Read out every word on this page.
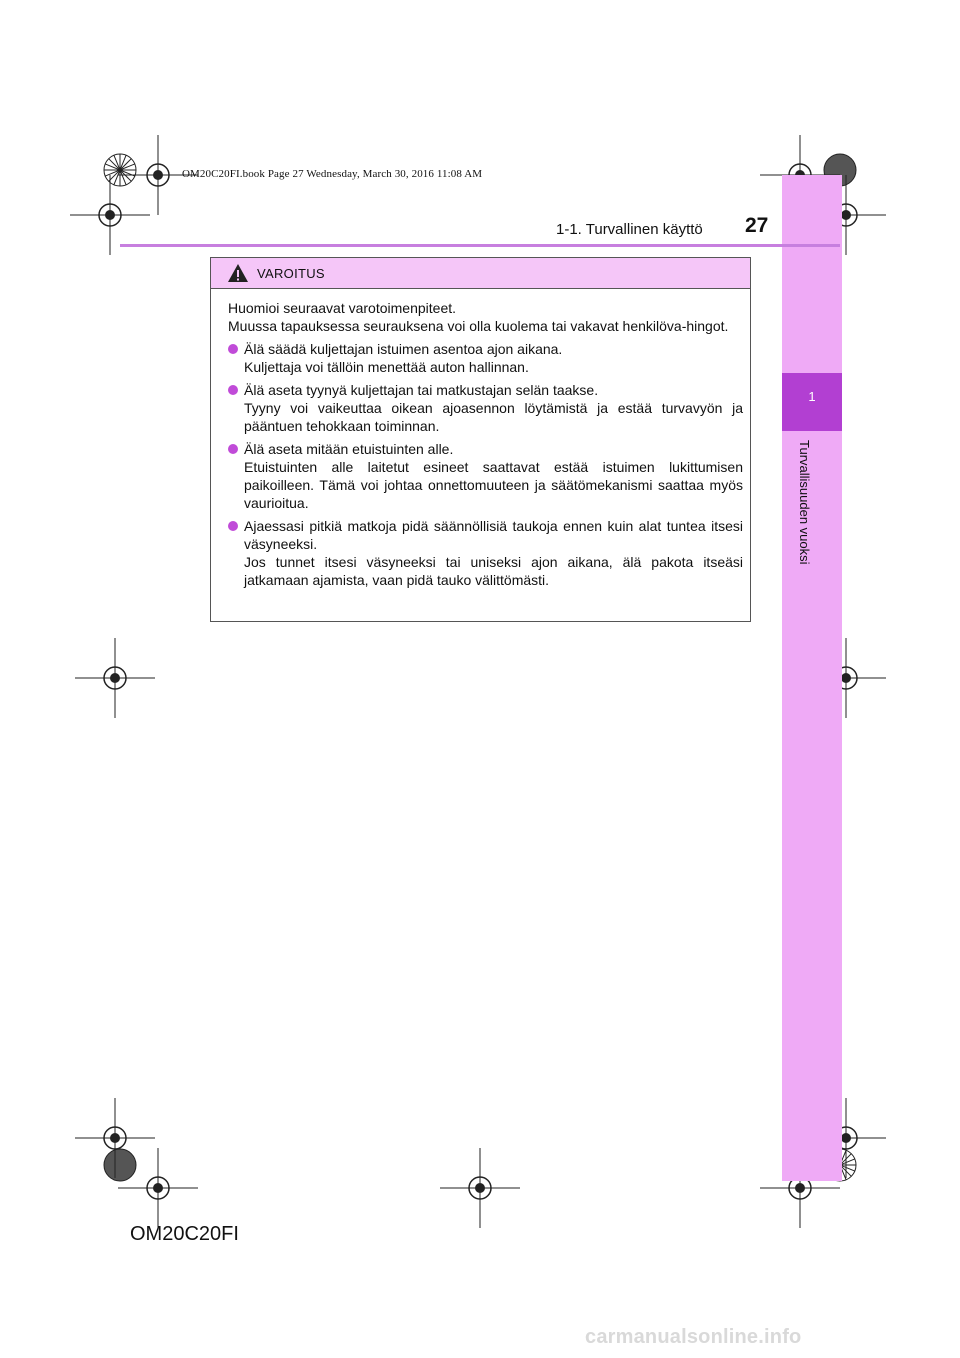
OM20C20FI.book Page 27 Wednesday, March 30, 2016 11:08 AM
1
Turvallisuuden vuoksi
1-1. Turvallinen käyttö 27
VAROITUS

Huomioi seuraavat varotoimenpiteet.

Muussa tapauksessa seurauksena voi olla kuolema tai vakavat henkilöva-hingot.

Älä säädä kuljettajan istuimen asentoa ajon aikana.
Kuljettaja voi tällöin menettää auton hallinnan.
Älä aseta tyynyä kuljettajan tai matkustajan selän taakse.
Tyyny voi vaikeuttaa oikean ajoasennon löytämistä ja estää turvavyön ja pääntuen tehokkaan toiminnan.
Älä aseta mitään etuistuinten alle.
Etuistuinten alle laitetut esineet saattavat estää istuimen lukittumisen paikoilleen. Tämä voi johtaa onnettomuuteen ja säätömekanismi saattaa myös vaurioitua.
Ajaessasi pitkiä matkoja pidä säännöllisiä taukoja ennen kuin alat tuntea itsesi väsyneeksi.
Jos tunnet itsesi väsyneeksi tai uniseksi ajon aikana, älä pakota itseäsi jatkamaan ajamista, vaan pidä tauko välittömästi.
OM20C20FI
carmanualsonline.info
